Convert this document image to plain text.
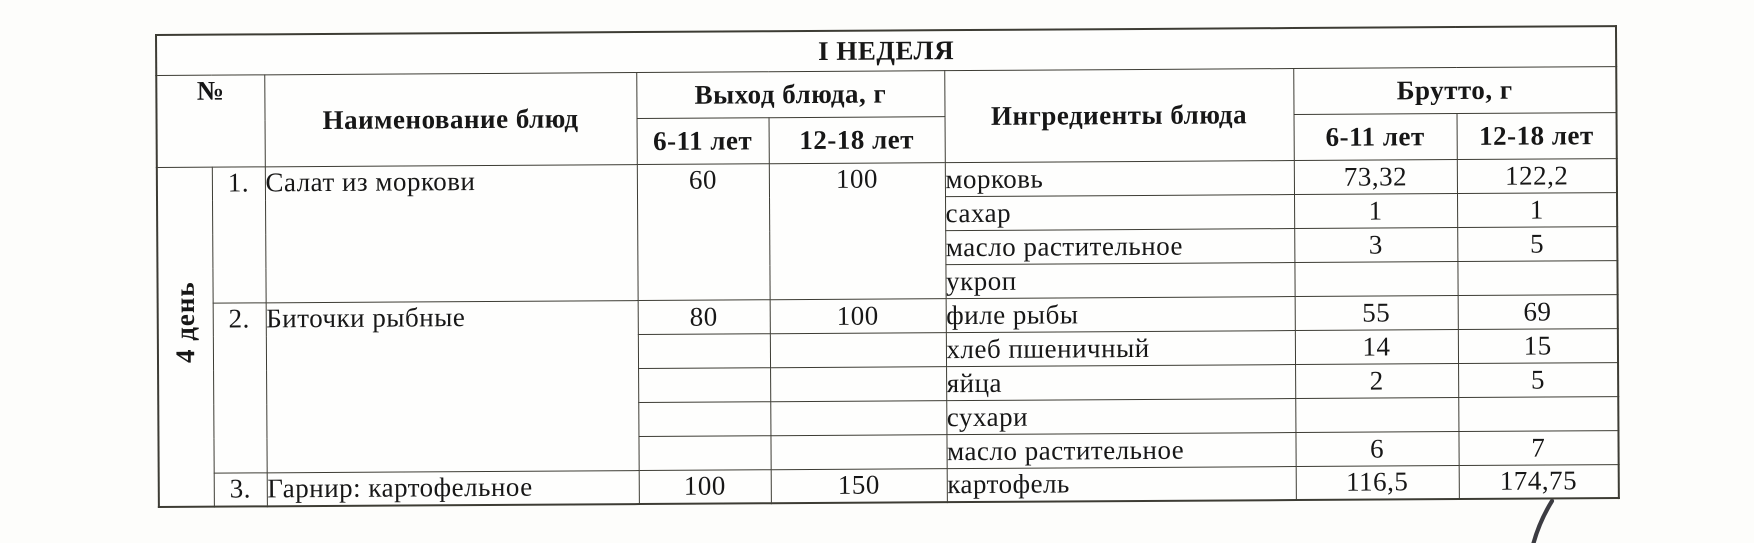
I НЕДЕЛЯ							
№		Наименование блюд	Выход блюда, г		Ингредиенты блюда	Брутто, г	
			6-11 лет	12-18 лет		6-11 лет	12-18 лет

4 день	1.	Салат из моркови	60	100	морковь	73,32	122,2
					сахар	1	1
					масло растительное	3	5
					укроп		
	2.	Биточки рыбные	80	100	филе рыбы	55	69
					хлеб пшеничный	14	15
					яйца	2	5
					сухари		
					масло растительное	6	7
	3.	Гарнир: картофельное	100	150	картофель	116,5	174,75
